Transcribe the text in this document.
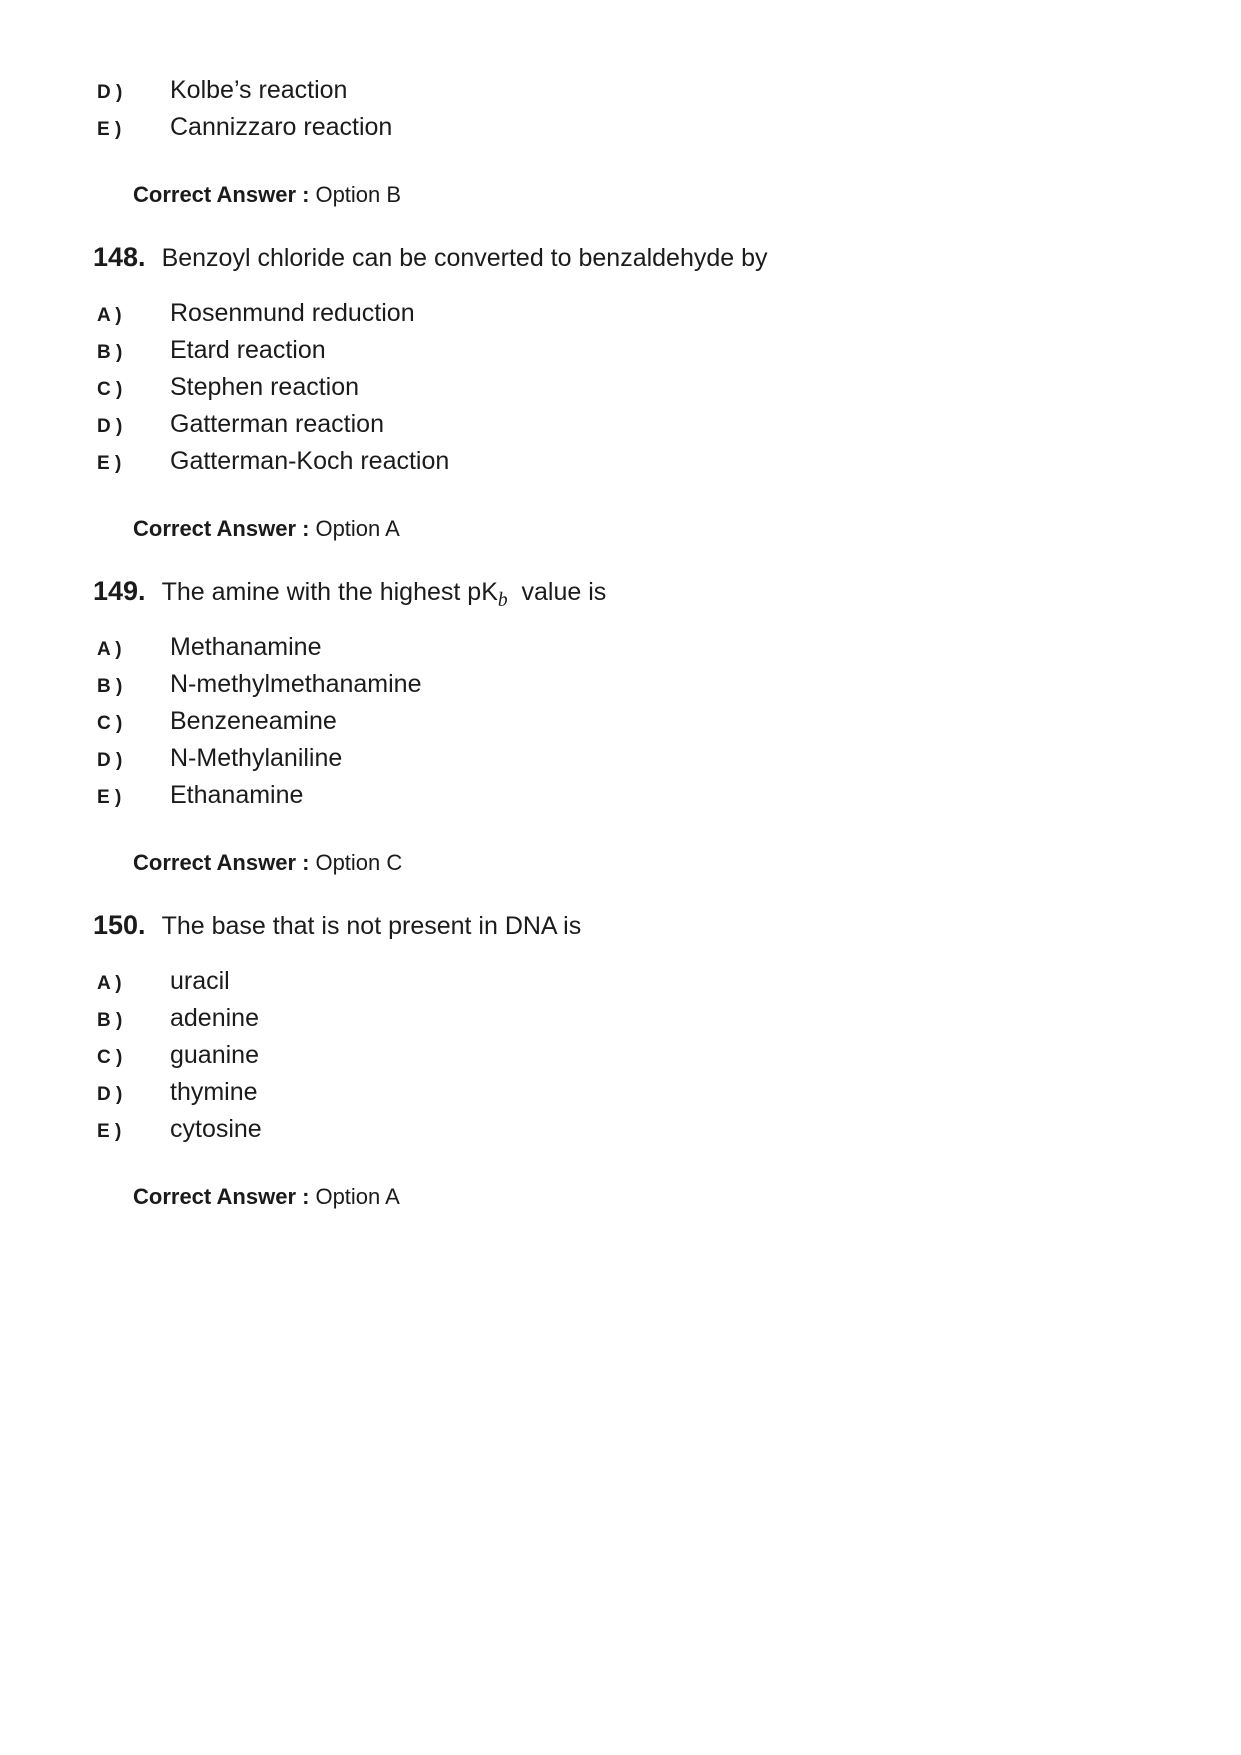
D )	Kolbe’s reaction
E )	Cannizzaro reaction
Correct Answer : Option B
148. Benzoyl chloride can be converted to benzaldehyde by
A )	Rosenmund reduction
B )	Etard reaction
C )	Stephen reaction
D )	Gatterman reaction
E )	Gatterman-Koch reaction
Correct Answer : Option A
149. The amine with the highest $pK_b$  value is
A )	Methanamine
B )	N-methylmethanamine
C )	Benzeneamine
D )	N-Methylaniline
E )	Ethanamine
Correct Answer : Option C
150. The base that is not present in DNA is
A )	uracil
B )	adenine
C )	guanine
D )	thymine
E )	cytosine
Correct Answer : Option A
